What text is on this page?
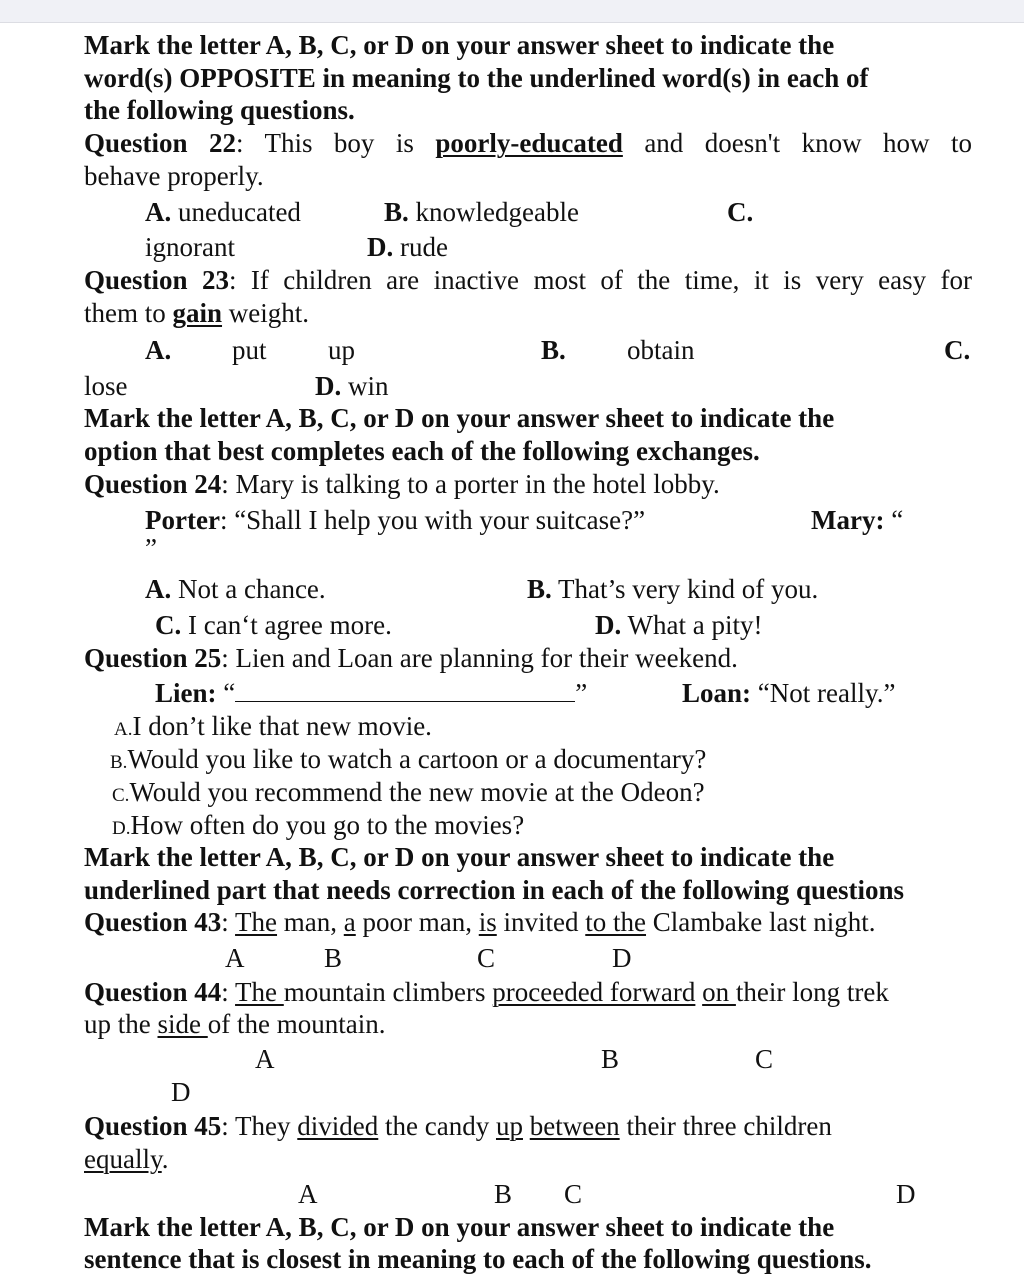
Mark the letter A, B, C, or D on your answer sheet to indicate the
word(s) OPPOSITE in meaning to the underlined word(s) in each of
the following questions.
Question 22: This boy is poorly-educated and doesn't know how to
behave properly.
A. uneducated	B. knowledgeable	C.
ignorant	D. rude
Question 23: If children are inactive most of the time, it is very easy for
them to gain weight.
A. put up	B. obtain	C.
lose	D. win
Mark the letter A, B, C, or D on your answer sheet to indicate the
option that best completes each of the following exchanges.
Question 24: Mary is talking to a porter in the hotel lobby.
Porter: “Shall I help you with your suitcase?”	Mary: “
”
A. Not a chance.	B. That’s very kind of you.
C. I can‘t agree more.	D. What a pity!
Question 25: Lien and Loan are planning for their weekend.
Lien: “	”	Loan: “Not really.”
A.I don’t like that new movie.
B.Would you like to watch a cartoon or a documentary?
C.Would you recommend the new movie at the Odeon?
D.How often do you go to the movies?
Mark the letter A, B, C, or D on your answer sheet to indicate the
underlined part that needs correction in each of the following questions
Question 43: The man, a poor man, is invited to the Clambake last night.
A	B	C	D
Question 44: The mountain climbers proceeded forward on their long trek
up the side of the mountain.
A	B	C
D
Question 45: They divided the candy up between their three children
equally.
A	B C	D
Mark the letter A, B, C, or D on your answer sheet to indicate the
sentence that is closest in meaning to each of the following questions.
